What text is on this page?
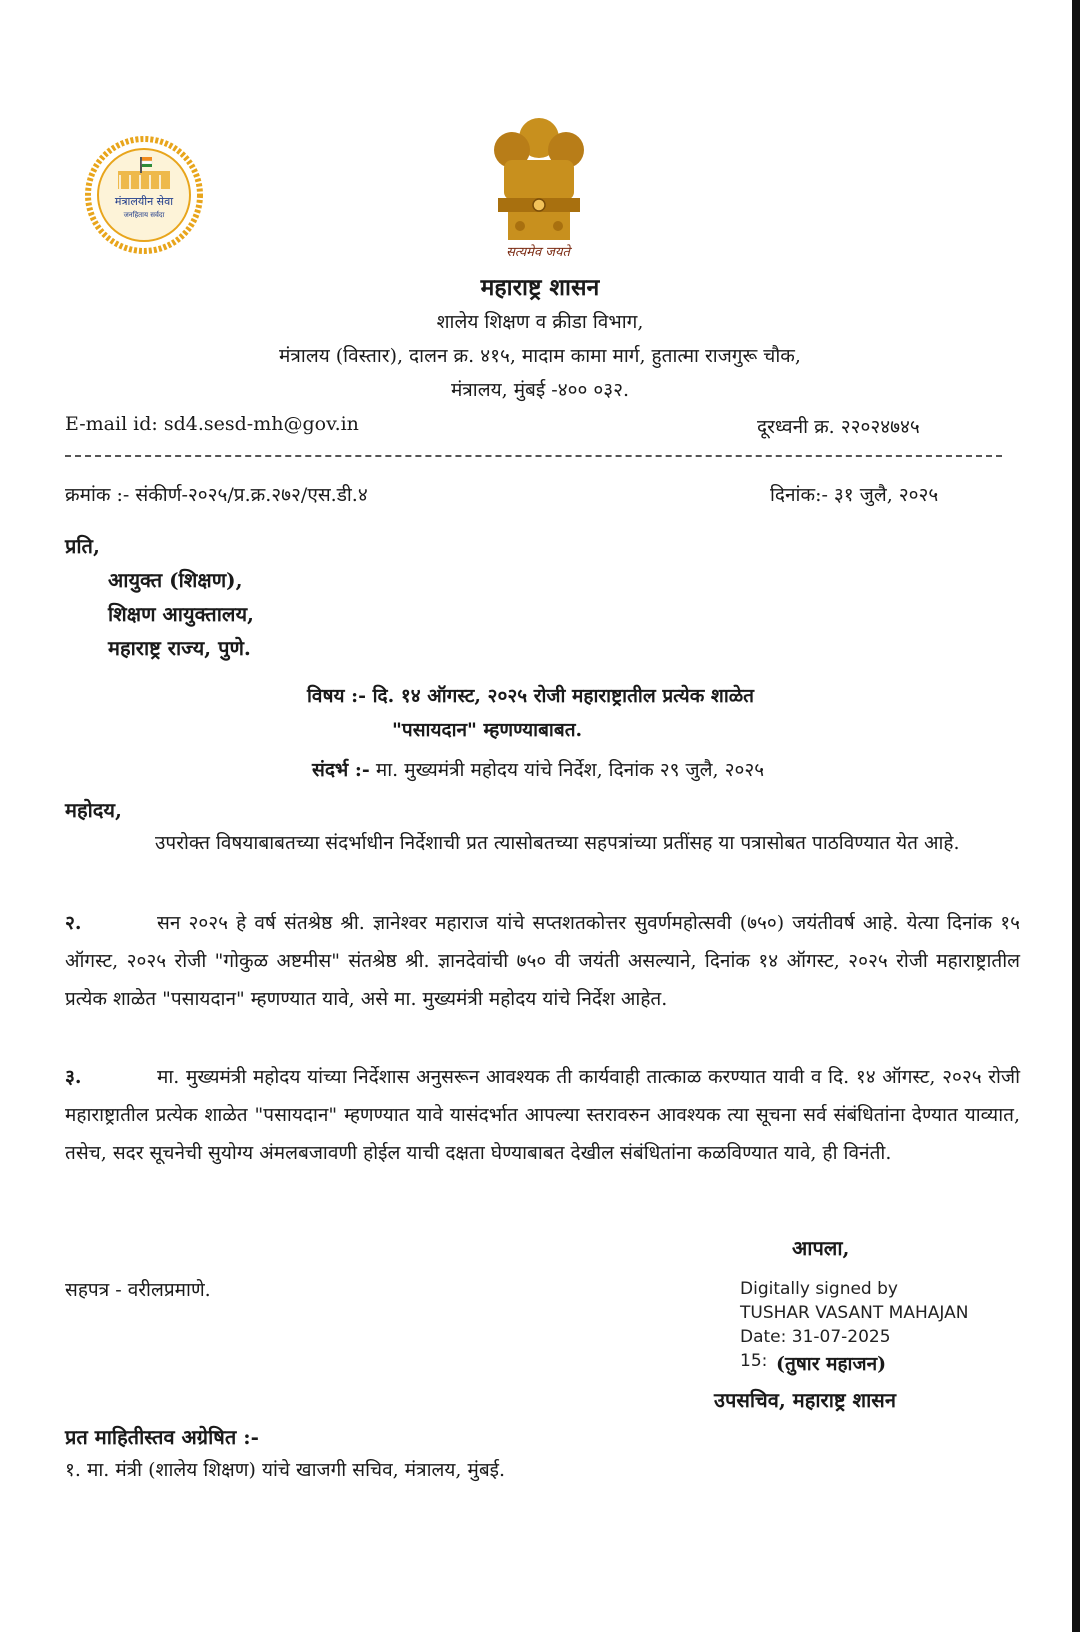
मंत्रालयीन सेवा
जनहिताय सर्वदा
सत्यमेव जयते
महाराष्ट्र शासन
शालेय शिक्षण व क्रीडा विभाग,
मंत्रालय (विस्तार), दालन क्र. ४१५, मादाम कामा मार्ग, हुतात्मा राजगुरू चौक,
मंत्रालय, मुंबई -४०० ०३२.
E-mail id: sd4.sesd-mh@gov.in	दूरध्वनी क्र. २२०२४७४५
क्रमांक :- संकीर्ण-२०२५/प्र.क्र.२७२/एस.डी.४	दिनांक:- ३१ जुलै, २०२५
प्रति,
आयुक्त (शिक्षण),
शिक्षण आयुक्तालय,
महाराष्ट्र राज्य, पुणे.
विषय :- दि. १४ ऑगस्ट, २०२५ रोजी महाराष्ट्रातील प्रत्येक शाळेत
"पसायदान" म्हणण्याबाबत.
संदर्भ :- मा. मुख्यमंत्री महोदय यांचे निर्देश, दिनांक २९ जुलै, २०२५
महोदय,
उपरोक्त विषयाबाबतच्या संदर्भाधीन निर्देशाची प्रत त्यासोबतच्या सहपत्रांच्या प्रतींसह या पत्रासोबत पाठविण्यात येत आहे.
२.	सन २०२५ हे वर्ष संतश्रेष्ठ श्री. ज्ञानेश्वर महाराज यांचे सप्तशतकोत्तर सुवर्णमहोत्सवी (७५०) जयंतीवर्ष आहे. येत्या दिनांक १५ ऑगस्ट, २०२५ रोजी "गोकुळ अष्टमीस" संतश्रेष्ठ श्री. ज्ञानदेवांची ७५० वी जयंती असल्याने, दिनांक १४ ऑगस्ट, २०२५ रोजी महाराष्ट्रातील प्रत्येक शाळेत "पसायदान" म्हणण्यात यावे, असे मा. मुख्यमंत्री महोदय यांचे निर्देश आहेत.
३.	मा. मुख्यमंत्री महोदय यांच्या निर्देशास अनुसरून आवश्यक ती कार्यवाही तात्काळ करण्यात यावी व दि. १४ ऑगस्ट, २०२५ रोजी महाराष्ट्रातील प्रत्येक शाळेत "पसायदान" म्हणण्यात यावे यासंदर्भात आपल्या स्तरावरुन आवश्यक त्या सूचना सर्व संबंधितांना देण्यात याव्यात, तसेच, सदर सूचनेची सुयोग्य अंमलबजावणी होईल याची दक्षता घेण्याबाबत देखील संबंधितांना कळविण्यात यावे, ही विनंती.
आपला,
सहपत्र - वरीलप्रमाणे.	Digitally signed by
TUSHAR VASANT MAHAJAN
Date: 31-07-2025
15: (तुषार महाजन)
उपसचिव, महाराष्ट्र शासन
प्रत माहितीस्तव अग्रेषित :-
१. मा. मंत्री (शालेय शिक्षण) यांचे खाजगी सचिव, मंत्रालय, मुंबई.
